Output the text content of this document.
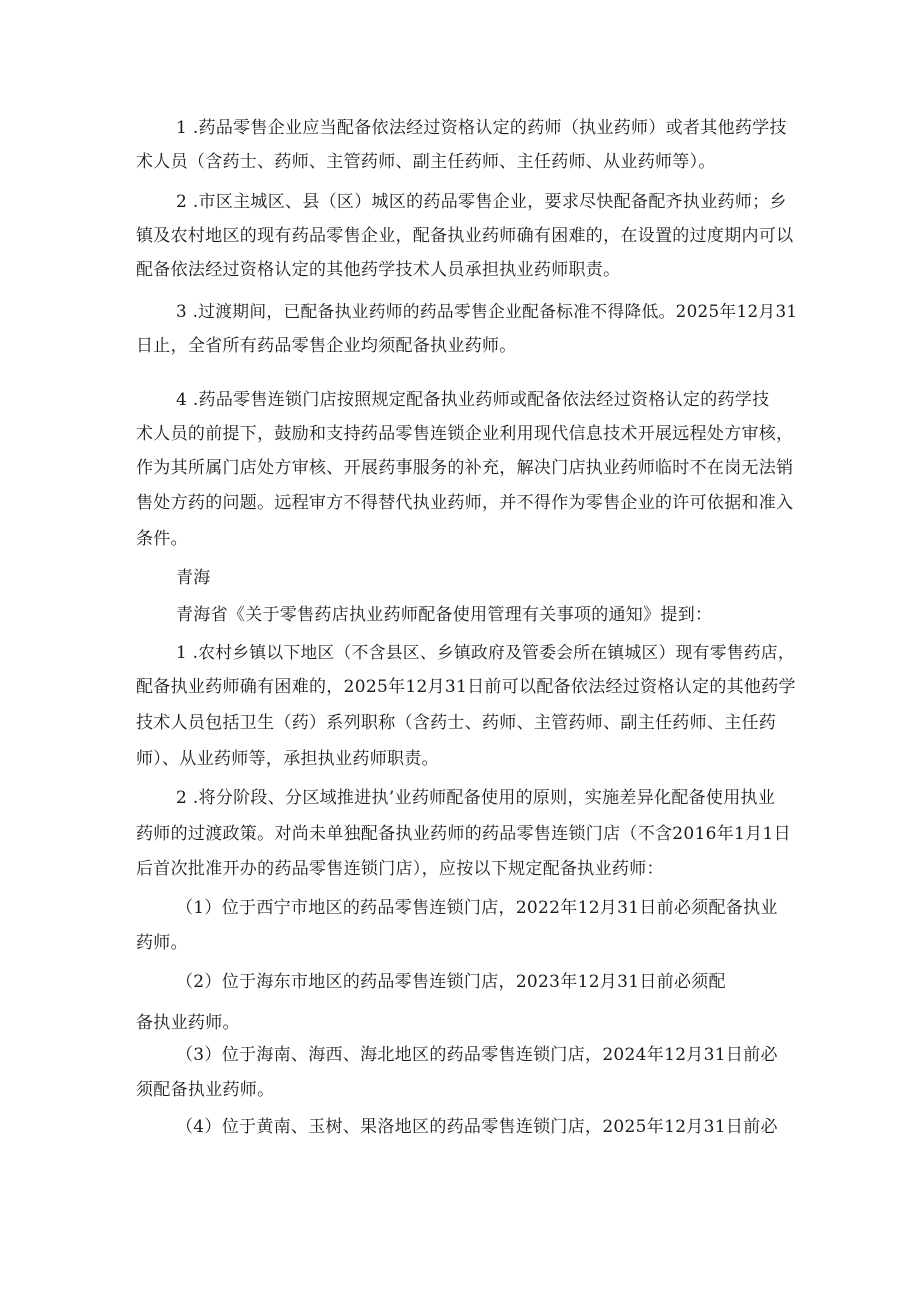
1 .药品零售企业应当配备依法经过资格认定的药师（执业药师）或者其他药学技

术人员（含药士、药师、主管药师、副主任药师、主任药师、从业药师等）。

2 .市区主城区、县（区）城区的药品零售企业，要求尽快配备配齐执业药师；乡

镇及农村地区的现有药品零售企业，配备执业药师确有困难的，在设置的过度期内可以

配备依法经过资格认定的其他药学技术人员承担执业药师职责。

3 .过渡期间，已配备执业药师的药品零售企业配备标准不得降低。2025年12月31

日止，全省所有药品零售企业均须配备执业药师。

4 .药品零售连锁门店按照规定配备执业药师或配备依法经过资格认定的药学技

术人员的前提下，鼓励和支持药品零售连锁企业利用现代信息技术开展远程处方审核，

作为其所属门店处方审核、开展药事服务的补充，解决门店执业药师临时不在岗无法销

售处方药的问题。远程审方不得替代执业药师，并不得作为零售企业的许可依据和准入

条件。

青海

青海省《关于零售药店执业药师配备使用管理有关事项的通知》提到：

1 .农村乡镇以下地区（不含县区、乡镇政府及管委会所在镇城区）现有零售药店，

配备执业药师确有困难的，2025年12月31日前可以配备依法经过资格认定的其他药学

技术人员包括卫生（药）系列职称（含药士、药师、主管药师、副主任药师、主任药

师）、从业药师等，承担执业药师职责。

2 .将分阶段、分区域推进执’业药师配备使用的原则，实施差异化配备使用执业

药师的过渡政策。对尚未单独配备执业药师的药品零售连锁门店（不含2016年1月1日

后首次批准开办的药品零售连锁门店），应按以下规定配备执业药师：

（1）位于西宁市地区的药品零售连锁门店，2022年12月31日前必须配备执业

药师。

（2）位于海东市地区的药品零售连锁门店，2023年12月31日前必须配

备执业药师。

（3）位于海南、海西、海北地区的药品零售连锁门店，2024年12月31日前必

须配备执业药师。

（4）位于黄南、玉树、果洛地区的药品零售连锁门店，2025年12月31日前必
